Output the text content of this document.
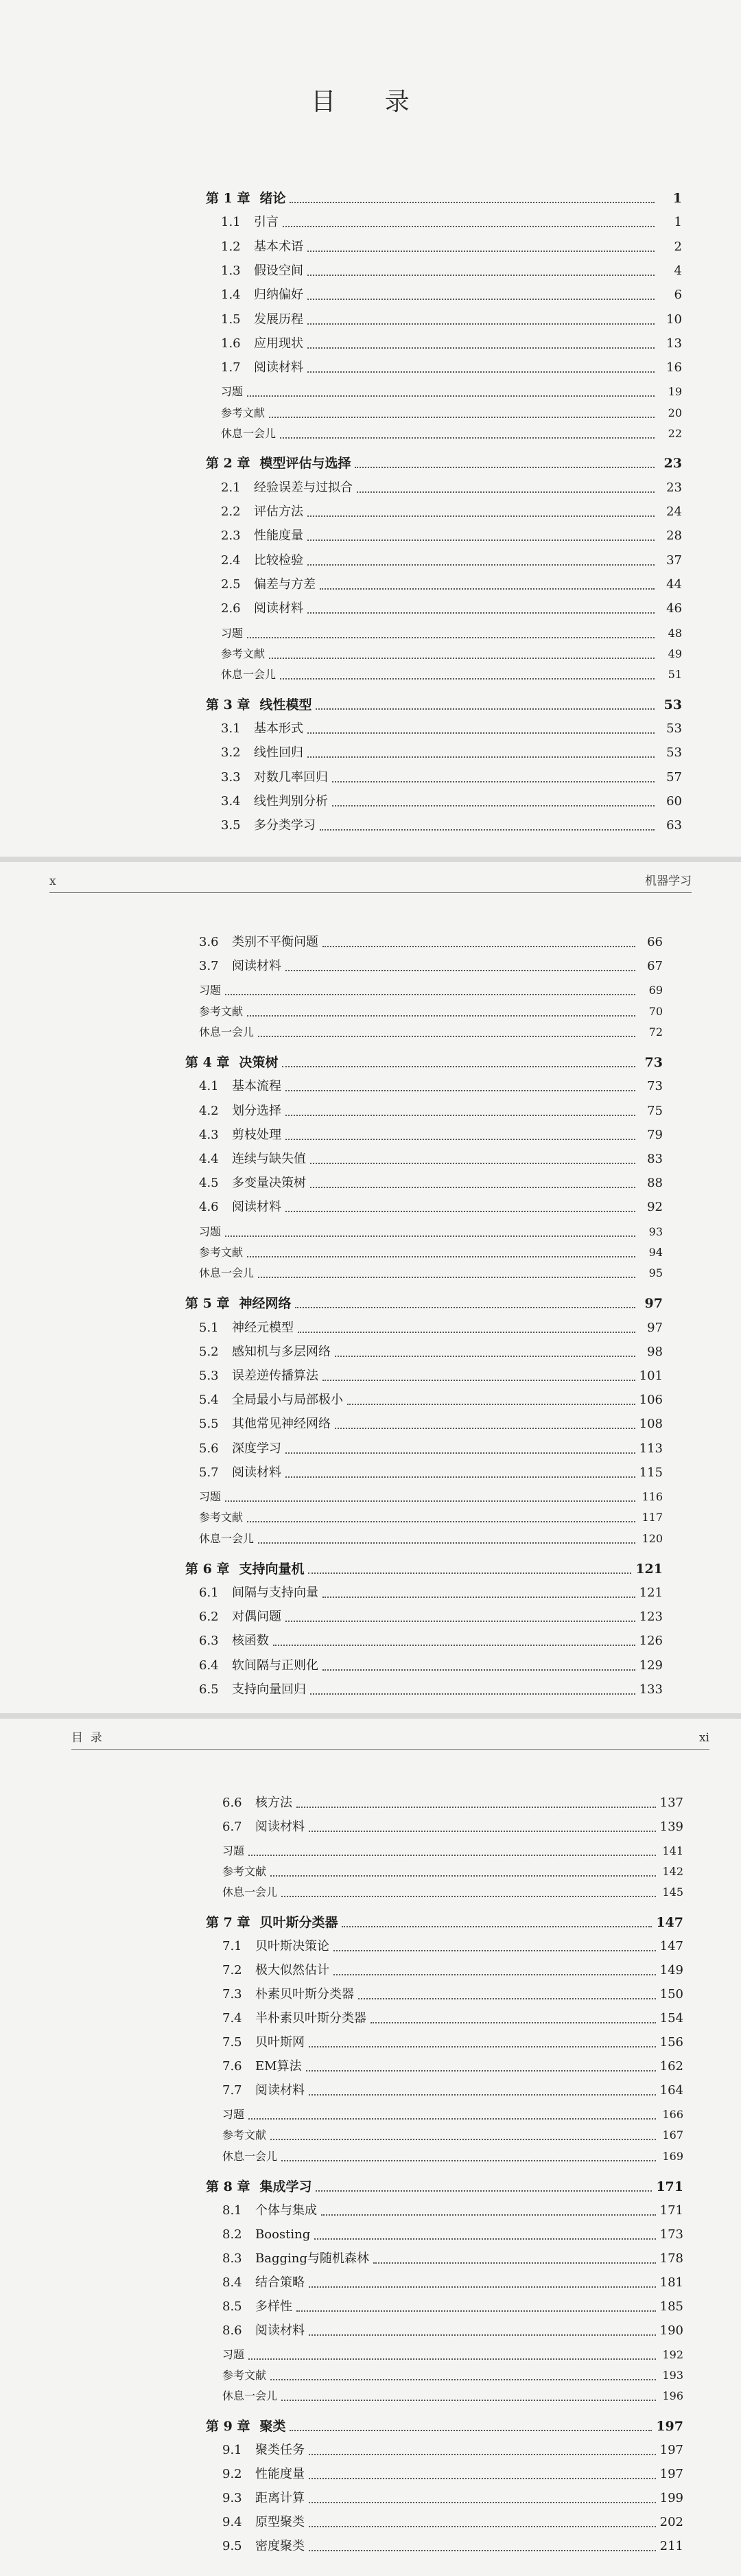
目 录
第 1 章 绪论	1
1.1	引言	1
1.2	基本术语	2
1.3	假设空间	4
1.4	归纳偏好	6
1.5	发展历程	10
1.6	应用现状	13
1.7	阅读材料	16
习题	19
参考文献	20
休息一会儿	22
第 2 章 模型评估与选择	23
2.1	经验误差与过拟合	23
2.2	评估方法	24
2.3	性能度量	28
2.4	比较检验	37
2.5	偏差与方差	44
2.6	阅读材料	46
习题	48
参考文献	49
休息一会儿	51
第 3 章 线性模型	53
3.1	基本形式	53
3.2	线性回归	53
3.3	对数几率回归	57
3.4	线性判别分析	60
3.5	多分类学习	63
x	机器学习
3.6	类别不平衡问题	66
3.7	阅读材料	67
习题	69
参考文献	70
休息一会儿	72
第 4 章 决策树	73
4.1	基本流程	73
4.2	划分选择	75
4.3	剪枝处理	79
4.4	连续与缺失值	83
4.5	多变量决策树	88
4.6	阅读材料	92
习题	93
参考文献	94
休息一会儿	95
第 5 章 神经网络	97
5.1	神经元模型	97
5.2	感知机与多层网络	98
5.3	误差逆传播算法	101
5.4	全局最小与局部极小	106
5.5	其他常见神经网络	108
5.6	深度学习	113
5.7	阅读材料	115
习题	116
参考文献	117
休息一会儿	120
第 6 章 支持向量机	121
6.1	间隔与支持向量	121
6.2	对偶问题	123
6.3	核函数	126
6.4	软间隔与正则化	129
6.5	支持向量回归	133
目  录	xi
6.6	核方法	137
6.7	阅读材料	139
习题	141
参考文献	142
休息一会儿	145
第 7 章 贝叶斯分类器	147
7.1	贝叶斯决策论	147
7.2	极大似然估计	149
7.3	朴素贝叶斯分类器	150
7.4	半朴素贝叶斯分类器	154
7.5	贝叶斯网	156
7.6	EM算法	162
7.7	阅读材料	164
习题	166
参考文献	167
休息一会儿	169
第 8 章 集成学习	171
8.1	个体与集成	171
8.2	Boosting	173
8.3	Bagging与随机森林	178
8.4	结合策略	181
8.5	多样性	185
8.6	阅读材料	190
习题	192
参考文献	193
休息一会儿	196
第 9 章 聚类	197
9.1	聚类任务	197
9.2	性能度量	197
9.3	距离计算	199
9.4	原型聚类	202
9.5	密度聚类	211
